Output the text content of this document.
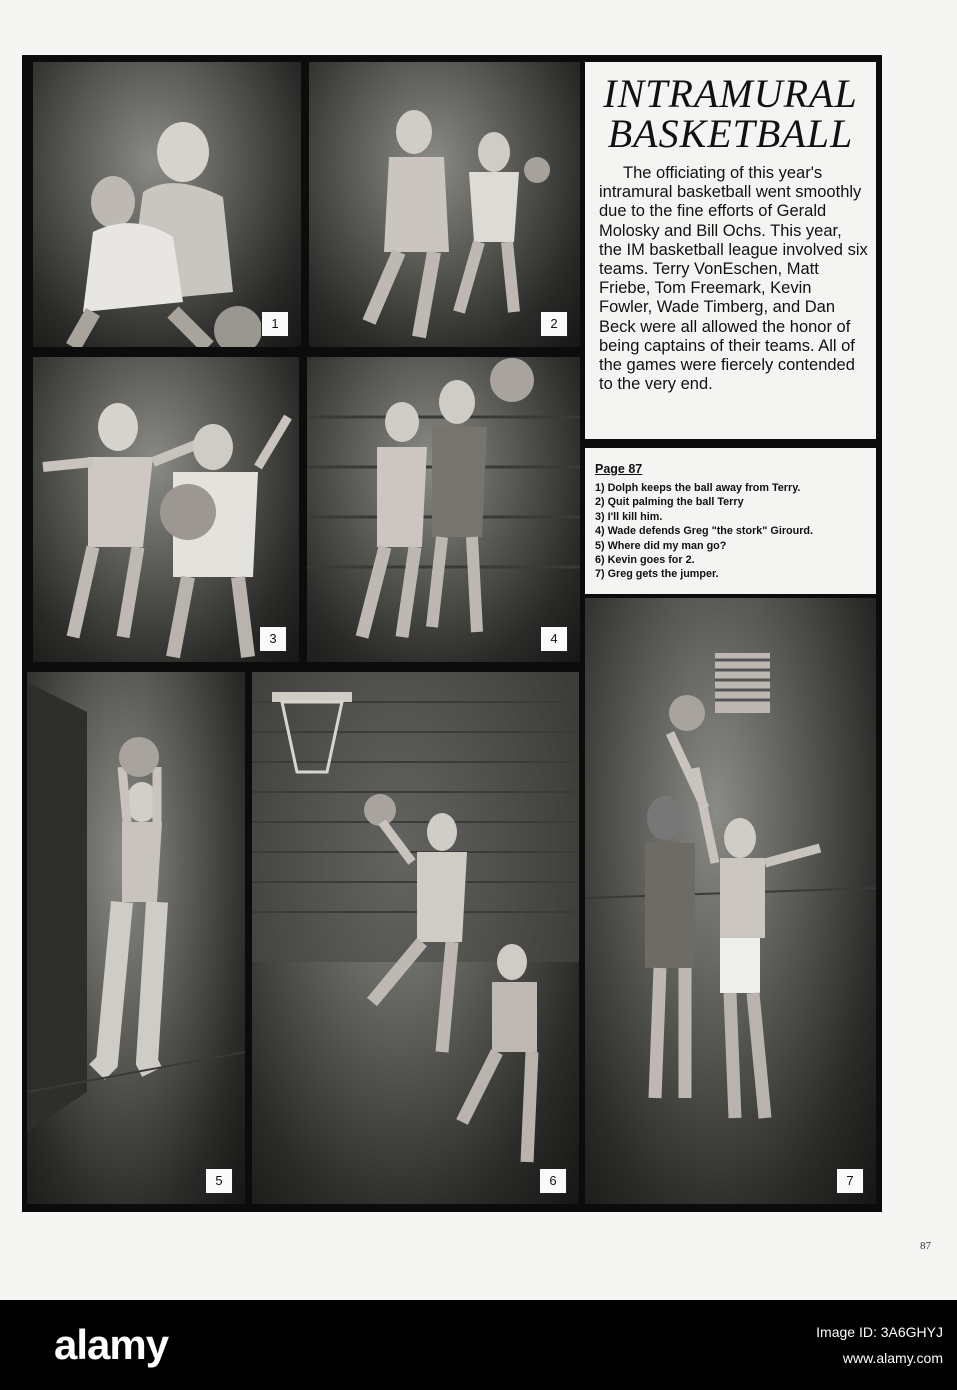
1	2
3	4
5	6	7
INTRAMURAL
BASKETBALL
The officiating of this year's intramural basketball went smoothly due to the fine efforts of Gerald Molosky and Bill Ochs. This year, the IM basketball league involved six teams. Terry VonEschen, Matt Friebe, Tom Freemark, Kevin Fowler, Wade Timberg, and Dan Beck were all allowed the honor of being captains of their teams. All of the games were fiercely contended to the very end.
Page 87
1) Dolph keeps the ball away from Terry.
2) Quit palming the ball Terry
3) I'll kill him.
4) Wade defends Greg "the stork" Girourd.
5) Where did my man go?
6) Kevin goes for 2.
7) Greg gets the jumper.
87
alamy	Image ID: 3A6GHYJ
www.alamy.com
